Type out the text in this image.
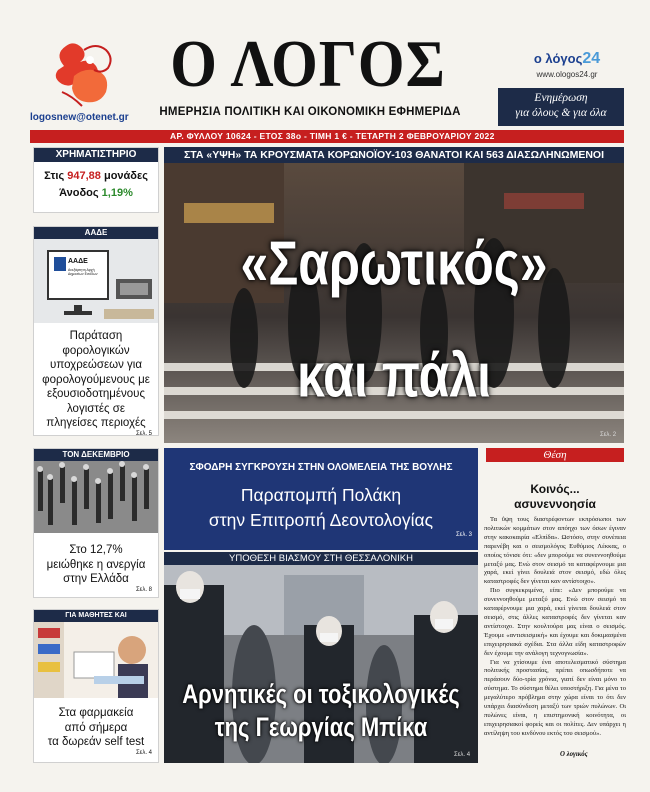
logosnew@otenet.gr
Ο ΛΟΓΟΣ
ΗΜΕΡΗΣΙΑ ΠΟΛΙΤΙΚΗ ΚΑΙ ΟΙΚΟΝΟΜΙΚΗ ΕΦΗΜΕΡΙΔΑ
ο λόγος24
www.ologos24.gr
Ενημέρωση
για όλους & για όλα
ΑΡ. ΦΥΛΛΟΥ 10624 - ΕΤΟΣ 38ο - ΤΙΜΗ 1 € - ΤΕΤΑΡΤΗ 2 ΦΕΒΡΟΥΑΡΙΟΥ 2022
ΧΡΗΜΑΤΙΣΤΗΡΙΟ
Στις 947,88 μονάδες
Άνοδος 1,19%
ΑΑΔΕ
ΑΑΔΕ
Ανεξάρτητη Αρχή Δημοσίων Εσόδων
Παράταση
φορολογικών
υποχρεώσεων για
φορολογούμενους με
εξουσιοδοτημένους
λογιστές σε
πληγείσες περιοχές
Σελ. 5
ΤΟΝ ΔΕΚΕΜΒΡΙΟ
Στο 12,7%
μειώθηκε η ανεργία
στην Ελλάδα
Σελ. 8
ΓΙΑ ΜΑΘΗΤΕΣ ΚΑΙ
Στα φαρμακεία
από σήμερα
τα δωρεάν self test
Σελ. 4
ΣΤΑ «ΥΨΗ» ΤΑ ΚΡΟΥΣΜΑΤΑ ΚΟΡΩΝΟΪΟΥ-103 ΘΑΝΑΤΟΙ ΚΑΙ 563 ΔΙΑΣΩΛΗΝΩΜΕΝΟΙ
«Σαρωτικός»
και πάλι
Σελ. 2
ΣΦΟΔΡΗ ΣΥΓΚΡΟΥΣΗ ΣΤΗΝ ΟΛΟΜΕΛΕΙΑ ΤΗΣ ΒΟΥΛΗΣ
Παραπομπή Πολάκη
στην Επιτροπή Δεοντολογίας
Σελ. 3
ΥΠΟΘΕΣΗ ΒΙΑΣΜΟΥ ΣΤΗ ΘΕΣΣΑΛΟΝΙΚΗ
Αρνητικές οι τοξικολογικές
της Γεωργίας Μπίκα
Σελ. 4
Θέση
Κοινός...
ασυνεννοησία

Τα ΰψη τους διαστρέφοντων εκπρόσωποι των πολιτικών κομμάτων στον απόηχο των όσων έγιναν στην κακοκαιρία «Ελπίδα». Ωστόσο, στην συνέπεια παρενέβη και ο σεισμολόγος Ευθύμιος Λέκκας, ο οποίος τόνισε ότι: «δεν μπορούμε να συνεννοηθούμε μεταξύ μας. Ενώ στον σεισμό τα καταφέρνουμε μια χαρά, εκεί γίνει δουλειά στον σεισμό, εδώ όλες καταστροφές δεν γίνεται καν αντίστοιχο».

Πιο συγκεκριμένα, είπε: «Δεν μπορούμε να συνεννοηθούμε μεταξύ μας. Ενώ στον σεισμό τα καταφέρνουμε μια χαρά, εκεί γίνεται δουλειά στον σεισμό, στις άλλες καταστροφές δεν γίνεται καν αντίστοιχο. Στην κουλτούρα μας είναι ο σεισμός. Έχουμε «αντισεισμική» και έχουμε και δοκιμασμένα επιχειρησιακά σχέδια. Στα άλλα είδη καταστροφών δεν έχουμε την ανάλογη τεχνογνωσία».

Για να χτίσουμε ένα αποτελεσματικό σύστημα πολιτικής προστασίας, πρέπει οπωσδήποτε να περάσουν δύο-τρία χρόνια, γιατί δεν είναι μόνο το σύστημα. Το σύστημα θέλει υποστήριξη. Για μένα το μεγαλύτερο πρόβλημα στην χώρα είναι το ότι δεν υπάρχει διασύνδεση μεταξύ των τριών πυλώνων. Οι πυλώνες είναι, η επιστημονική κοινότητα, οι επιχειρησιακοί φορείς και οι πολίτες. Δεν υπάρχει η αντίληψη του κινδύνου εκτός του σεισμού».

Ο λογικός
